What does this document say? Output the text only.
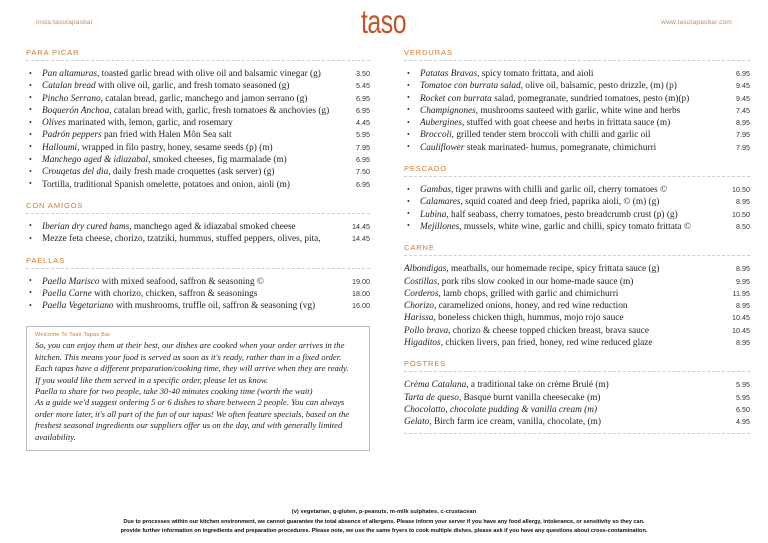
Insta:tasotapasbar	taso	www.tasotapasbar.com
PARA PICAR
• Pan altamuras, toasted garlic bread with olive oil and balsamic vinegar (g)	3.50
• Catalan bread with olive oil, garlic, and fresh tomato seasoned (g)	5.45
• Pincho Serrano, catalan bread, garlic, manchego and jamon serrano (g)	6.95
• Boquerón Anchoa, catalan bread with, garlic, fresh tomatoes & anchovies (g)	6.95
• Olives marinated with, lemon, garlic, and rosemary	4.45
• Padrón peppers pan fried with Halen Môn Sea salt	5.95
• Halloumi, wrapped in filo pastry, honey, sesame seeds (p) (m)	7.95
• Manchego aged & idiazabal, smoked cheeses, fig marmalade (m)	6.95
• Crouqetas del dia, daily fresh made croquettes (ask server) (g)	7.50
• Tortilla, traditional Spanish omelette, potatoes and onion, aioli (m)	6.95
CON AMIGOS
• Iberian dry cured hams, manchego aged & idiazabal smoked cheese	14.45
• Mezze feta cheese, chorizo, tzatziki, hummus, stuffed peppers, olives, pita,	14.45
PAELLAS
• Paella Marisco with mixed seafood, saffron & seasoning ©	19.00
• Paella Carne with chorizo, chicken, saffron & seasonings	18.00
• Paella Vegetariano with mushrooms, truffle oil, saffron & seasoning (vg)	16.00
Welcome To Taso Tapas Bar

So, you can enjoy them at their best, our dishes are cooked when your order arrives in the

kitchen. This means your food is served as soon as it's ready, rather than in a fixed order.

Each tapas have a different preparation/cooking time, they will arrive when they are ready.

If you would like them served in a specific order, please let us know.

Paella to share for two people, take 30-40 minutes cooking time (worth the wait)

As a guide we'd suggest ordering 5 or 6 dishes to share between 2 people. You can always

order more later, it's all part of the fun of our tapas! We often feature specials, based on the

freshest seasonal ingredients our suppliers offer us on the day, and with generally limited

availability.

VERDURAS
• Patatas Bravas, spicy tomato frittata, and aioli	6.95
• Tomatoe con burrata salad, olive oil, balsamic, pesto drizzle, (m) (p)	9.45
• Rocket con burrata salad, pomegranate, sundried tomatoes, pesto (m)(p)	9.45
• Champignones, mushrooms sauteed with garlic, white wine and herbs	7.45
• Aubergines, stuffed with goat cheese and herbs in frittata sauce (m)	8.95
• Broccoli, grilled tender stem broccoli with chilli and garlic oil	7.95
• Cauliflower steak marinated- humus, pomegranate, chimichurri	7.95
PESCADO
• Gambas, tiger prawns with chilli and garlic oil, cherry tomatoes ©	10.50
• Calamares, squid coated and deep fried, paprika aioli, © (m) (g)	8.95
• Lubina, half seabass, cherry tomatoes, pesto breadcrumb crust (p) (g)	10.50
• Mejillones, mussels, white wine, garlic and chilli, spicy tomato frittata ©	8.50
CARNE
Albondigas, meatballs, our homemade recipe, spicy frittata sauce (g)	8.95
Costillas, pork ribs slow cooked in our home-made sauce (m)	9.95
Corderos, lamb chops, grilled with garlic and chimichurri	11.95
Chorizo, caramelized onions, honey, and red wine reduction	8.95
Harissa, boneless chicken thigh, hummus, mojo rojo sauce	10.45
Pollo brava, chorizo & cheese topped chicken breast, brava sauce	10.45
Higaditos, chicken livers, pan fried, honey, red wine reduced glaze	8.95
POSTRES
Crèma Catalana, a traditional take on crème Brulé (m)	5.95
Tarta de queso, Basque burnt vanilla cheesecake (m)	5.95
Chocolatto, chocolate pudding & vanilla cream (m)	6.50
Gelato, Birch farm ice cream, vanilla, chocolate, (m)	4.95
(v) vegetarian, g-gluten, p-peanuts, m-milk sulphates, c-crustacean
Due to processes within our kitchen environment, we cannot guarantee the total absence of allergens. Please inform your server if you have any food allergy, intolerance, or sensitivity so they can.
provide further information on ingredients and preparation procedures. Please note, we use the same fryers to cook multiple dishes, please ask if you have any questions about cross-contamination.
